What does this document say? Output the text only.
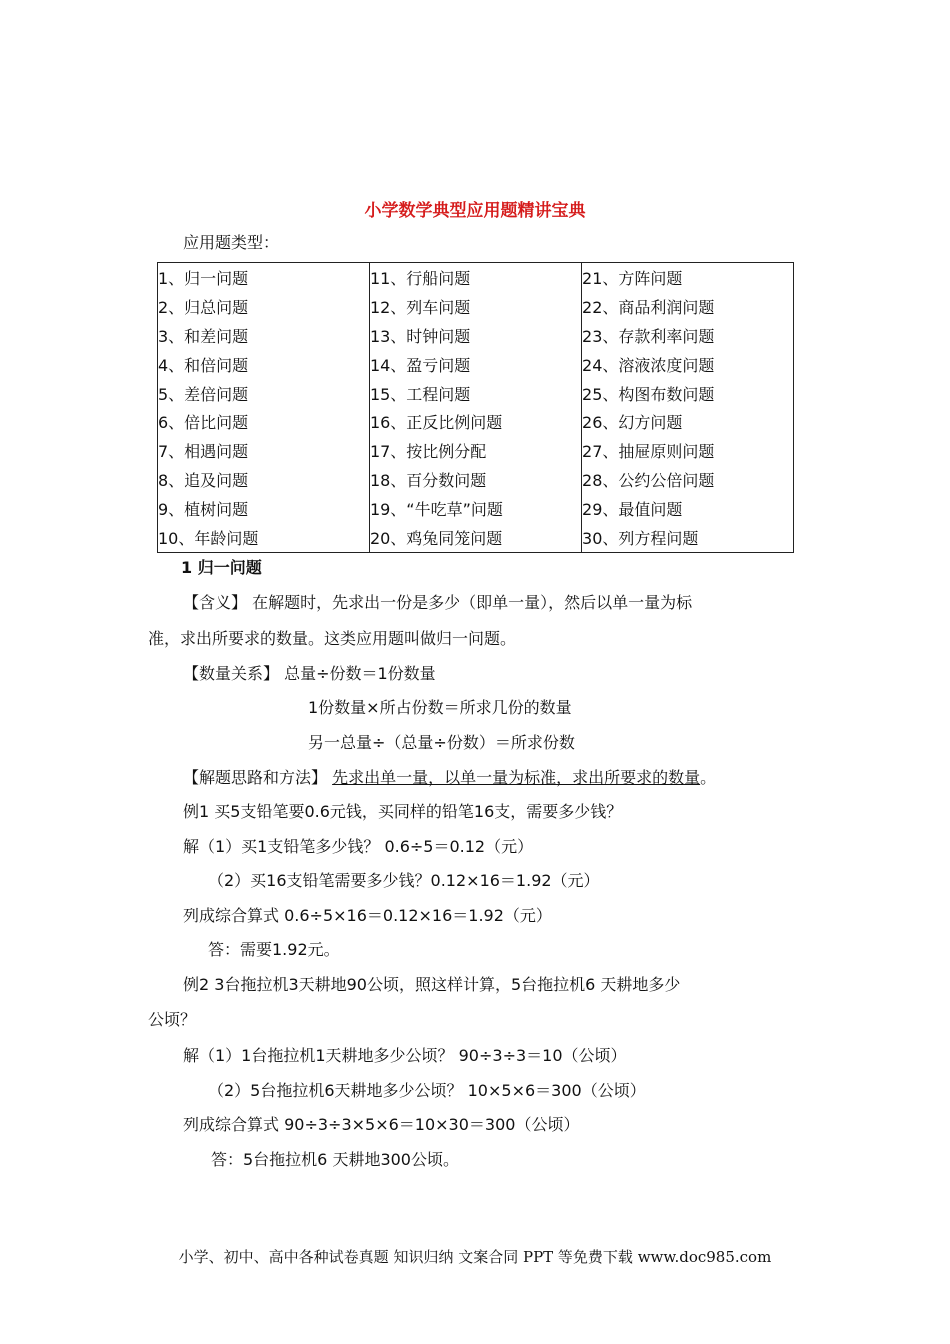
小学数学典型应用题精讲宝典
应用题类型：
1、归一问题	11、行船问题	21、方阵问题
2、归总问题	12、列车问题	22、商品利润问题
3、和差问题	13、时钟问题	23、存款利率问题
4、和倍问题	14、盈亏问题	24、溶液浓度问题
5、差倍问题	15、工程问题	25、构图布数问题
6、倍比问题	16、正反比例问题	26、幻方问题
7、相遇问题	17、按比例分配	27、抽屉原则问题
8、追及问题	18、百分数问题	28、公约公倍问题
9、植树问题	19、“牛吃草”问题	29、最值问题
10、年龄问题	20、鸡兔同笼问题	30、列方程问题
1 归一问题
【含义】 在解题时，先求出一份是多少（即单一量），然后以单一量为标
准，求出所要求的数量。这类应用题叫做归一问题。
【数量关系】 总量÷份数＝1份数量
1份数量×所占份数＝所求几份的数量
另一总量÷（总量÷份数）＝所求份数
【解题思路和方法】 先求出单一量，以单一量为标准，求出所要求的数量。
例1 买5支铅笔要0.6元钱，买同样的铅笔16支，需要多少钱？
解（1）买1支铅笔多少钱？ 0.6÷5＝0.12（元）
（2）买16支铅笔需要多少钱？0.12×16＝1.92（元）
列成综合算式 0.6÷5×16＝0.12×16＝1.92（元）
答：需要1.92元。
例2 3台拖拉机3天耕地90公顷，照这样计算，5台拖拉机6 天耕地多少
公顷？
解（1）1台拖拉机1天耕地多少公顷？ 90÷3÷3＝10（公顷）
（2）5台拖拉机6天耕地多少公顷？ 10×5×6＝300（公顷）
列成综合算式 90÷3÷3×5×6＝10×30＝300（公顷）
答：5台拖拉机6 天耕地300公顷。
小学、初中、高中各种试卷真题 知识归纳 文案合同 PPT 等免费下载 www.doc985.com
